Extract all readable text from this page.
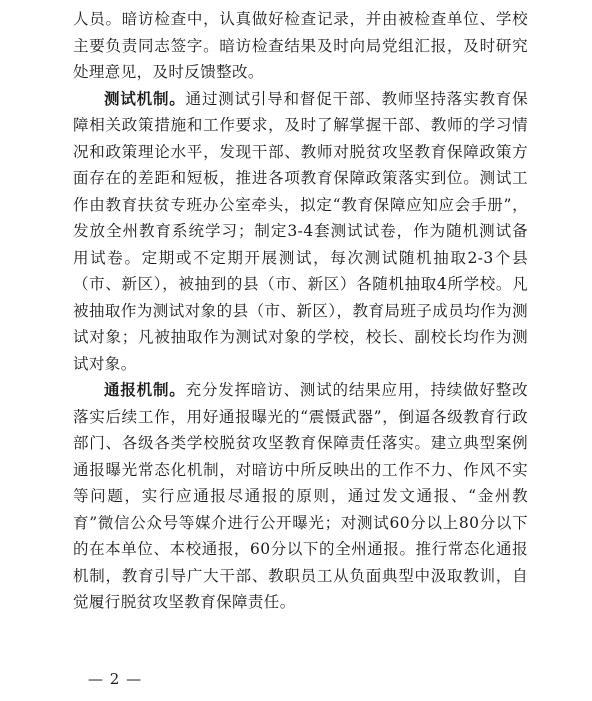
人员。暗访检查中，认真做好检查记录，并由被检查单位、学校主要负责同志签字。暗访检查结果及时向局党组汇报，及时研究处理意见，及时反馈整改。

测试机制。通过测试引导和督促干部、教师坚持落实教育保障相关政策措施和工作要求，及时了解掌握干部、教师的学习情况和政策理论水平，发现干部、教师对脱贫攻坚教育保障政策方面存在的差距和短板，推进各项教育保障政策落实到位。测试工作由教育扶贫专班办公室牵头，拟定“教育保障应知应会手册”，发放全州教育系统学习；制定3-4套测试试卷，作为随机测试备用试卷。定期或不定期开展测试，每次测试随机抽取2-3个县（市、新区），被抽到的县（市、新区）各随机抽取4所学校。凡被抽取作为测试对象的县（市、新区），教育局班子成员均作为测试对象；凡被抽取作为测试对象的学校，校长、副校长均作为测试对象。

通报机制。充分发挥暗访、测试的结果应用，持续做好整改落实后续工作，用好通报曝光的“震慑武器”，倒逼各级教育行政部门、各级各类学校脱贫攻坚教育保障责任落实。建立典型案例通报曝光常态化机制，对暗访中所反映出的工作不力、作风不实等问题，实行应通报尽通报的原则，通过发文通报、“金州教育”微信公众号等媒介进行公开曝光；对测试60分以上80分以下的在本单位、本校通报，60分以下的全州通报。推行常态化通报机制，教育引导广大干部、教职员工从负面典型中汲取教训，自觉履行脱贫攻坚教育保障责任。

— 2 —
